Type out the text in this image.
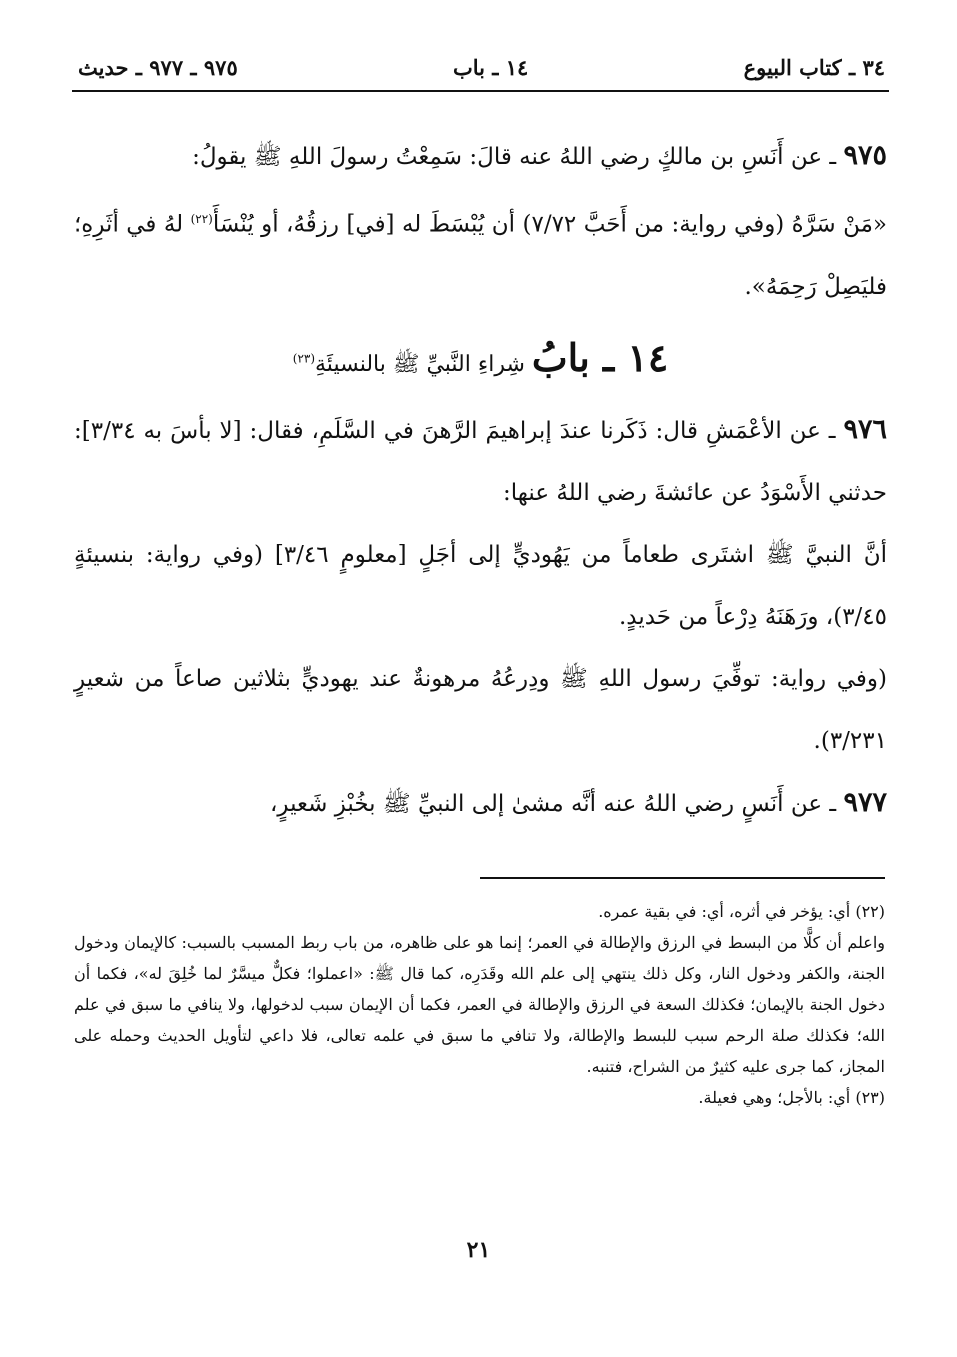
٣٤ ـ كتاب البيوع
١٤ ـ باب
٩٧٥ ـ ٩٧٧ ـ حديث

٩٧٥ ـ عن أَنَسِ بن مالكٍ رضي اللهُ عنه قالَ: سَمِعْتُ رسولَ اللهِ ﷺ يقولُ:

«مَنْ سَرَّهُ (وفي رواية: من أَحَبَّ ٧/٧٢) أن يُبْسَطَ له [في] رزقُهُ، أو يُنْسَأَ$^{(٢٢)}$ لهُ في أثَرِهِ؛ فليَصِلْ رَحِمَهُ».

١٤ ـ بابُ شِراءِ النَّبيِّ ﷺ بالنسيئَةِ$^{(٢٣)}$

٩٧٦ ـ عن الأعْمَشِ قال: ذَكَرنا عندَ إبراهيمَ الرَّهنَ في السَّلَمِ، فقال: [لا بأسَ به ٣/٣٤]: حدثني الأَسْوَدُ عن عائشةَ رضي اللهُ عنها:

أنَّ النبيَّ ﷺ اشتَرى طعاماً من يَهُوديٍّ إلى أجَلٍ [معلومٍ ٣/٤٦] (وفي رواية: بنسيئةٍ ٣/٤٥)، ورَهَنَهُ دِرْعاً من حَديدٍ.

(وفي رواية: توفِّيَ رسول اللهِ ﷺ ودِرعُهُ مرهونةٌ عند يهوديٍّ بثلاثين صاعاً من شعيرٍ ٣/٢٣١).

٩٧٧ ـ عن أَنَسٍ رضي اللهُ عنه أنَّه مشىٰ إلى النبيِّ ﷺ بخُبْزِ شَعيرٍ،

(٢٢) أي: يؤخر في أثره، أي: في بقية عمره.

واعلم أن كلًّا من البسط في الرزق والإطالة في العمر؛ إنما هو على ظاهره، من باب ربط المسبب بالسبب: كالإيمان ودخول الجنة، والكفر ودخول النار، وكل ذلك ينتهي إلى علم الله وقَدَرِه، كما قال ﷺ: «اعملوا؛ فكلٌّ ميسَّرٌ لما خُلِقَ له»، فكما أن دخول الجنة بالإيمان؛ فكذلك السعة في الرزق والإطالة في العمر، فكما أن الإيمان سبب لدخولها، ولا ينافي ما سبق في علم الله؛ فكذلك صلة الرحم سبب للبسط والإطالة، ولا تنافي ما سبق في علمه تعالى، فلا داعي لتأويل الحديث وحمله على المجاز، كما جرى عليه كثيرٌ من الشراح، فتنبه.

(٢٣) أي: بالأجل؛ وهي فعيلة.

٢١
